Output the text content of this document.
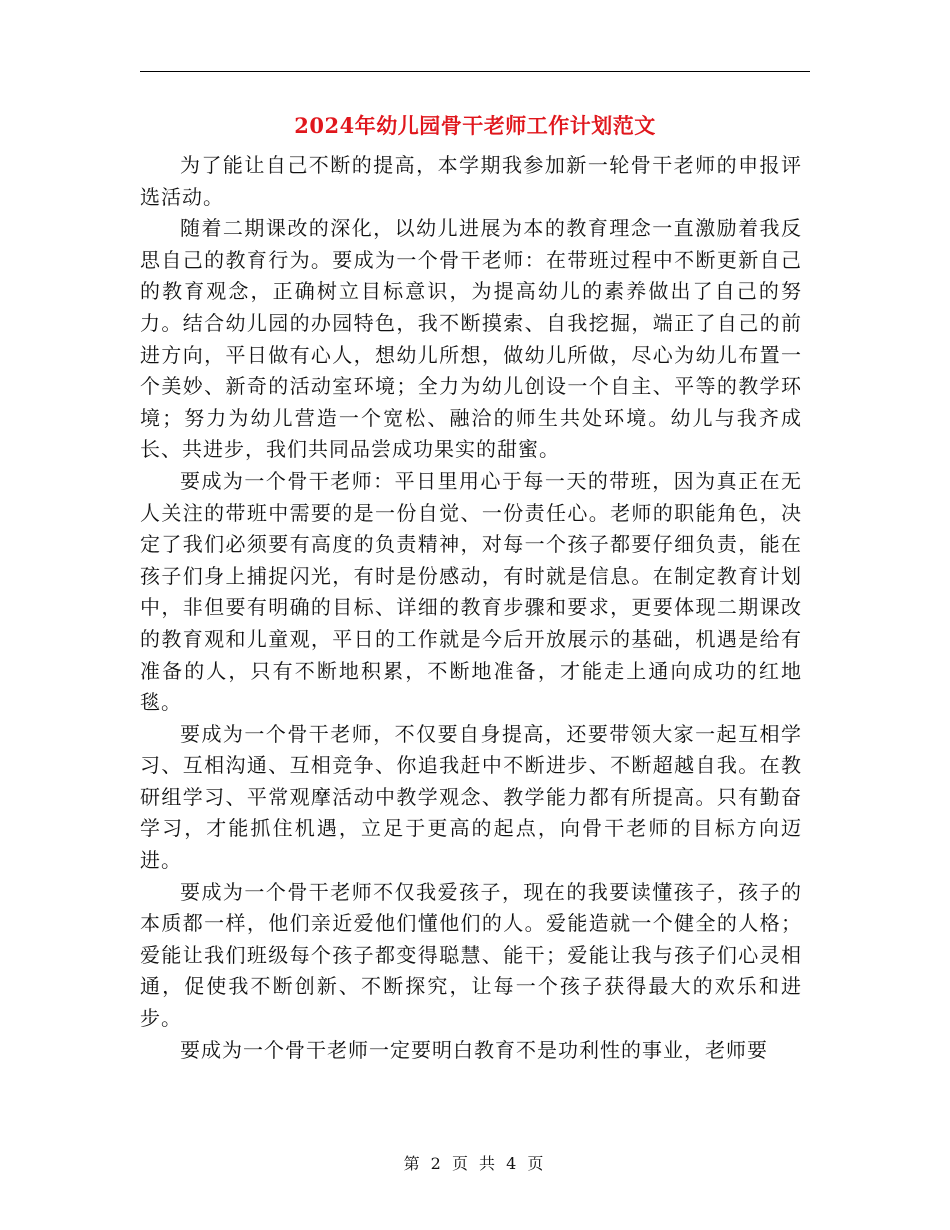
2024年幼儿园骨干老师工作计划范文

为了能让自己不断的提高，本学期我参加新一轮骨干老师的申报评选活动。

随着二期课改的深化，以幼儿进展为本的教育理念一直激励着我反思自己的教育行为。要成为一个骨干老师：在带班过程中不断更新自己的教育观念，正确树立目标意识，为提高幼儿的素养做出了自己的努力。结合幼儿园的办园特色，我不断摸索、自我挖掘，端正了自己的前进方向，平日做有心人，想幼儿所想，做幼儿所做，尽心为幼儿布置一个美妙、新奇的活动室环境；全力为幼儿创设一个自主、平等的教学环境；努力为幼儿营造一个宽松、融洽的师生共处环境。幼儿与我齐成长、共进步，我们共同品尝成功果实的甜蜜。

要成为一个骨干老师：平日里用心于每一天的带班，因为真正在无人关注的带班中需要的是一份自觉、一份责任心。老师的职能角色，决定了我们必须要有高度的负责精神，对每一个孩子都要仔细负责，能在孩子们身上捕捉闪光，有时是份感动，有时就是信息。在制定教育计划中，非但要有明确的目标、详细的教育步骤和要求，更要体现二期课改的教育观和儿童观，平日的工作就是今后开放展示的基础，机遇是给有准备的人，只有不断地积累，不断地准备，才能走上通向成功的红地毯。

要成为一个骨干老师，不仅要自身提高，还要带领大家一起互相学习、互相沟通、互相竞争、你追我赶中不断进步、不断超越自我。在教研组学习、平常观摩活动中教学观念、教学能力都有所提高。只有勤奋学习，才能抓住机遇，立足于更高的起点，向骨干老师的目标方向迈进。

要成为一个骨干老师不仅我爱孩子，现在的我要读懂孩子，孩子的本质都一样，他们亲近爱他们懂他们的人。爱能造就一个健全的人格；爱能让我们班级每个孩子都变得聪慧、能干；爱能让我与孩子们心灵相通，促使我不断创新、不断探究，让每一个孩子获得最大的欢乐和进步。

要成为一个骨干老师一定要明白教育不是功利性的事业，老师要

第 2 页 共 4 页
